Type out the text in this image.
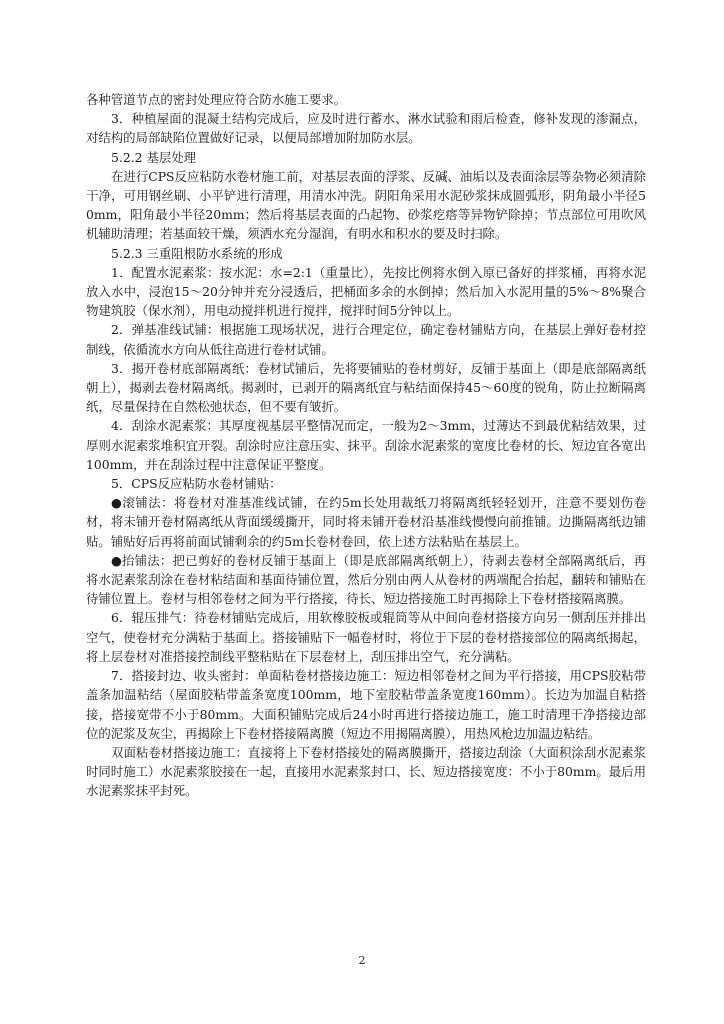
各种管道节点的密封处理应符合防水施工要求。

3．种植屋面的混凝土结构完成后，应及时进行蓄水、淋水试验和雨后检查，修补发现的渗漏点，对结构的局部缺陷位置做好记录，以便局部增加附加防水层。

5.2.2 基层处理

在进行CPS反应粘防水卷材施工前，对基层表面的浮浆、反碱、油垢以及表面涂层等杂物必须清除干净，可用钢丝刷、小平铲进行清理，用清水冲洗。阴阳角采用水泥砂浆抹成圆弧形，阴角最小半径50mm，阳角最小半径20mm；然后将基层表面的凸起物、砂浆疙瘩等异物铲除掉；节点部位可用吹风机辅助清理；若基面较干燥，须洒水充分湿润，有明水和积水的要及时扫除。

5.2.3 三重阻根防水系统的形成

1．配置水泥素浆：按水泥：水=2:1（重量比），先按比例将水倒入原已备好的拌浆桶，再将水泥放入水中，浸泡15～20分钟并充分浸透后，把桶面多余的水倒掉；然后加入水泥用量的5%～8%聚合物建筑胶（保水剂），用电动搅拌机进行搅拌，搅拌时间5分钟以上。

2．弹基准线试铺：根据施工现场状况，进行合理定位，确定卷材铺贴方向，在基层上弹好卷材控制线，依循流水方向从低往高进行卷材试铺。

3．揭开卷材底部隔离纸：卷材试铺后，先将要铺贴的卷材剪好，反铺于基面上（即是底部隔离纸朝上），揭剥去卷材隔离纸。揭剥时，已剥开的隔离纸宜与粘结面保持45～60度的锐角，防止拉断隔离纸，尽量保持在自然松弛状态，但不要有皱折。

4．刮涂水泥素浆：其厚度视基层平整情况而定，一般为2～3mm，过薄达不到最优粘结效果，过厚则水泥素浆堆积宜开裂。刮涂时应注意压实、抹平。刮涂水泥素浆的宽度比卷材的长、短边宜各宽出100mm，并在刮涂过程中注意保证平整度。

5．CPS反应粘防水卷材铺贴：

●滚铺法：将卷材对准基准线试铺，在约5m长处用裁纸刀将隔离纸轻轻划开，注意不要划伤卷材，将未铺开卷材隔离纸从背面缓缓撕开，同时将未铺开卷材沿基准线慢慢向前推铺。边撕隔离纸边铺贴。铺贴好后再将前面试铺剩余的约5m长卷材卷回，依上述方法粘贴在基层上。

●抬铺法：把已剪好的卷材反铺于基面上（即是底部隔离纸朝上），待剥去卷材全部隔离纸后，再将水泥素浆刮涂在卷材粘结面和基面待铺位置，然后分别由两人从卷材的两端配合抬起，翻转和铺贴在待铺位置上。卷材与相邻卷材之间为平行搭接，待长、短边搭接施工时再揭除上下卷材搭接隔离膜。

6．辊压排气：待卷材铺贴完成后，用软橡胶板或辊筒等从中间向卷材搭接方向另一侧刮压并排出空气，使卷材充分满粘于基面上。搭接铺贴下一幅卷材时，将位于下层的卷材搭接部位的隔离纸揭起，将上层卷材对准搭接控制线平整粘贴在下层卷材上，刮压排出空气，充分满粘。

7．搭接封边、收头密封：单面粘卷材搭接边施工：短边相邻卷材之间为平行搭接，用CPS胶粘带盖条加温粘结（屋面胶粘带盖条宽度100mm，地下室胶粘带盖条宽度160mm）。长边为加温自粘搭接，搭接宽带不小于80mm。大面积铺贴完成后24小时再进行搭接边施工，施工时清理干净搭接边部位的泥浆及灰尘，再揭除上下卷材搭接隔离膜（短边不用揭隔离膜），用热风枪边加温边粘结。

双面粘卷材搭接边施工：直接将上下卷材搭接处的隔离膜撕开，搭接边刮涂（大面积涂刮水泥素浆时同时施工）水泥素浆胶接在一起，直接用水泥素浆封口、长、短边搭接宽度：不小于80mm。最后用水泥素浆抹平封死。

2
